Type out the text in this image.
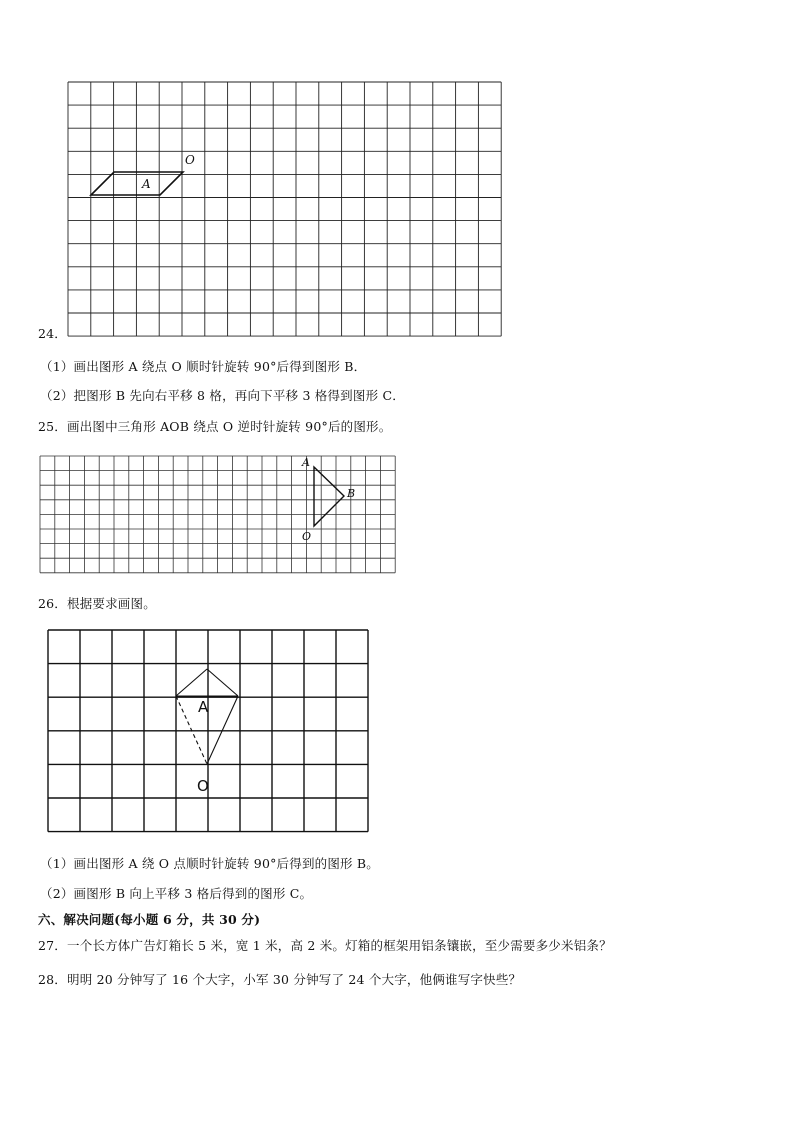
A
O
24．
（1）画出图形 A 绕点 O 顺时针旋转 90°后得到图形 B．
（2）把图形 B 先向右平移 8 格，再向下平移 3 格得到图形 C．
25．画出图中三角形 AOB 绕点 O 逆时针旋转 90°后的图形。
A
B
O
26．根据要求画图。
A
O
（1）画出图形 A 绕 O 点顺时针旋转 90°后得到的图形 B。
（2）画图形 B 向上平移 3 格后得到的图形 C。
六、解决问题(每小题 6 分，共 30 分)
27．一个长方体广告灯箱长 5 米，宽 1 米，高 2 米。灯箱的框架用铝条镶嵌，至少需要多少米铝条？
28．明明 20 分钟写了 16 个大字，小军 30 分钟写了 24 个大字，他俩谁写字快些？
